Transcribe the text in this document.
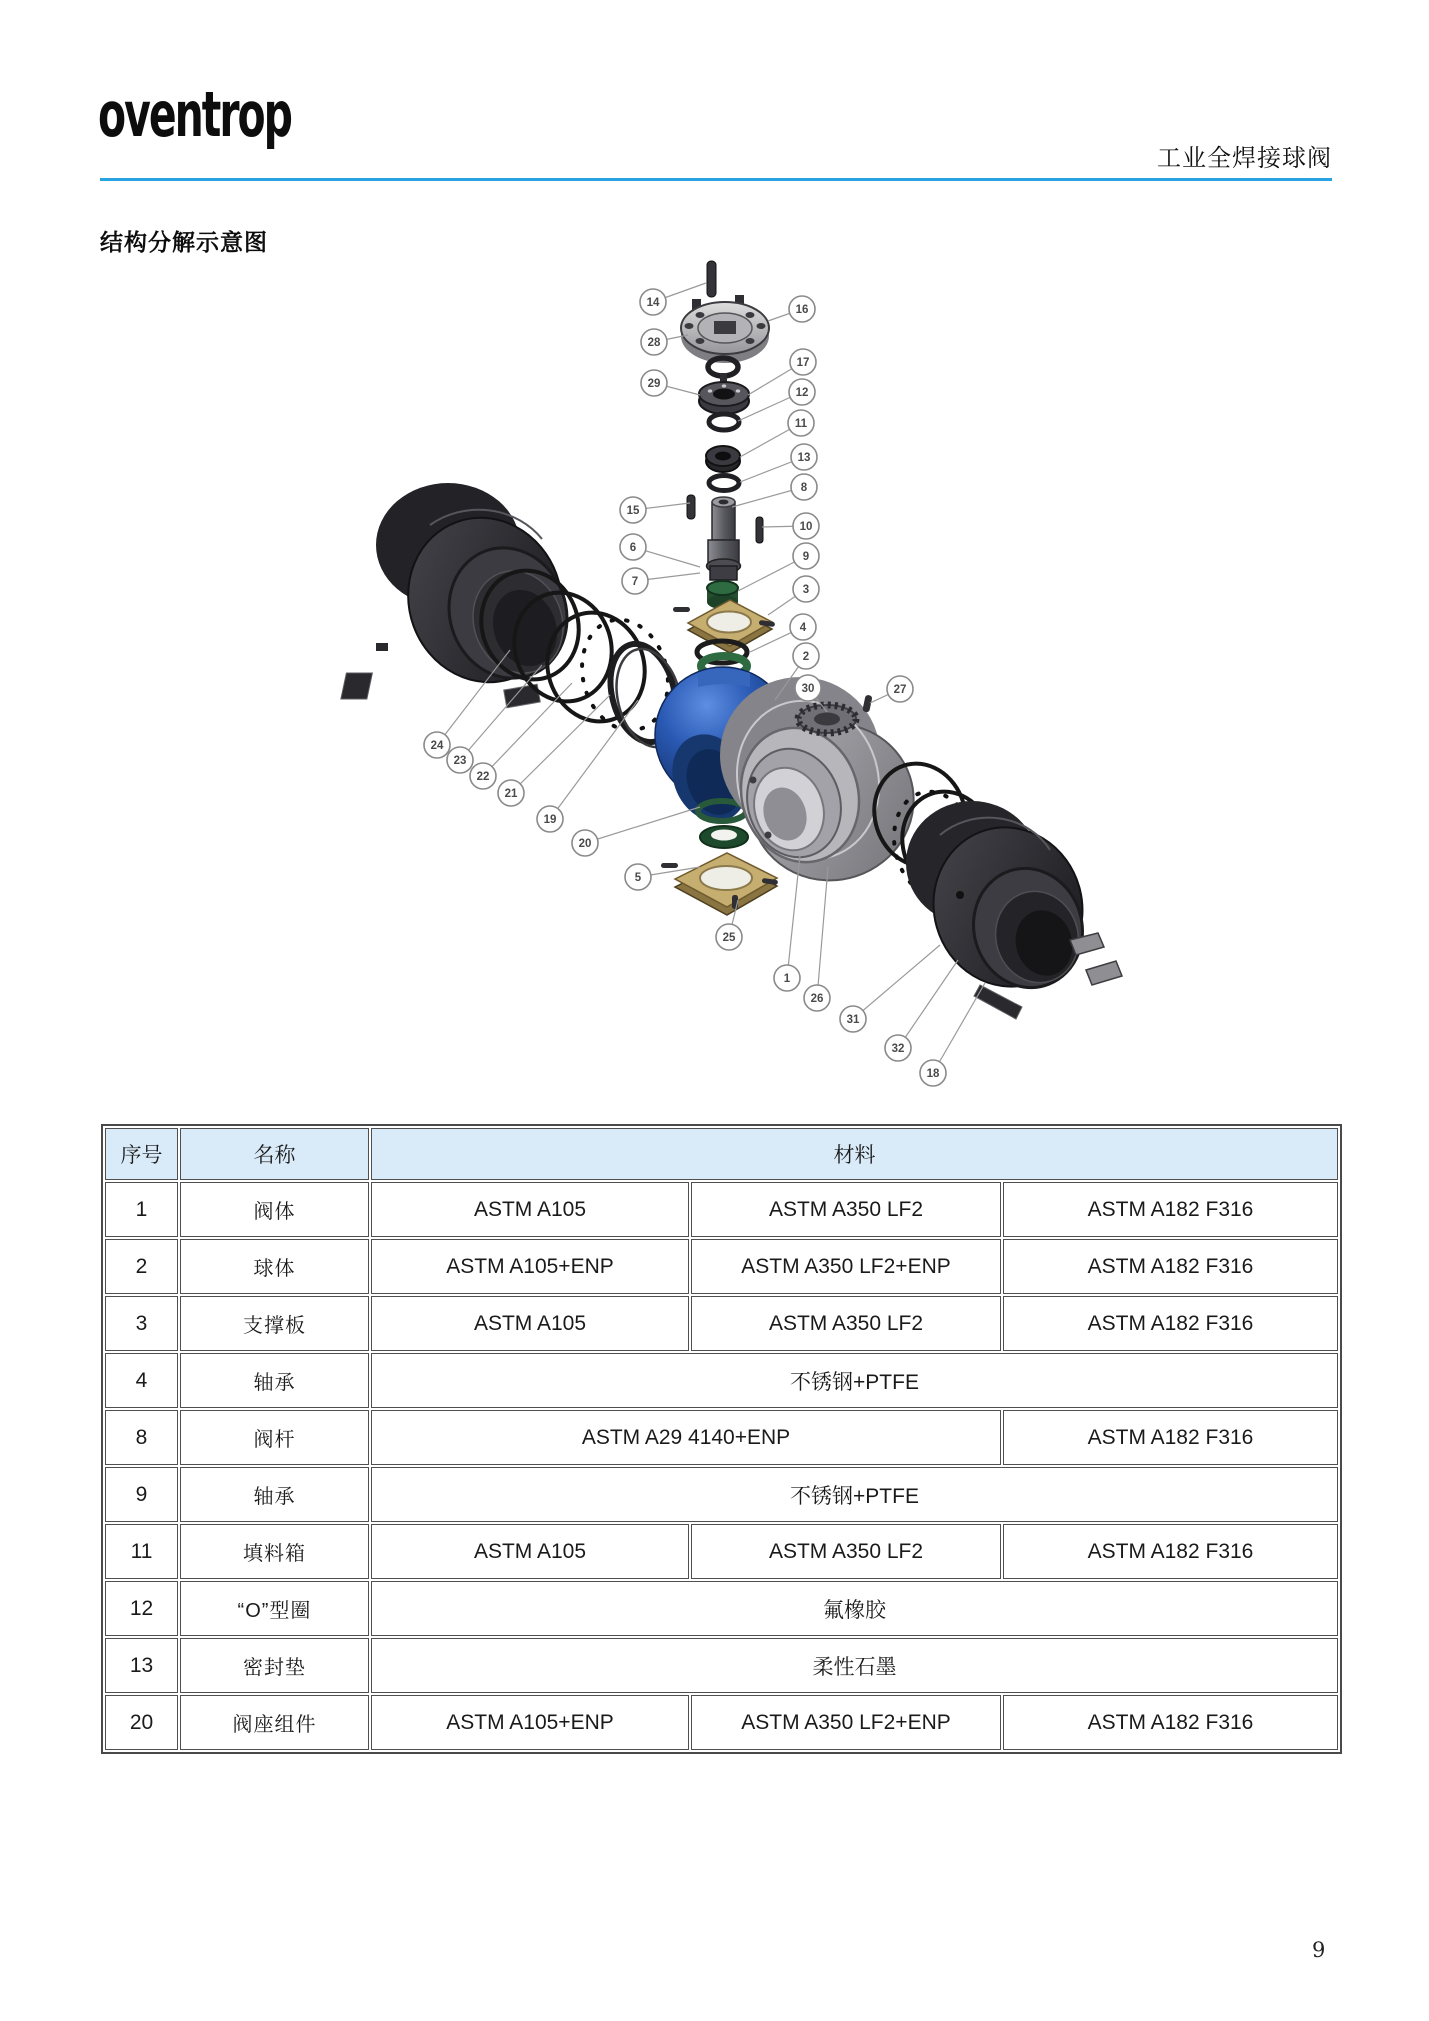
oventrop
工业全焊接球阀
结构分解示意图
14
16
28
29
17
12
11
13
8
15
10
6
7
9
3
4
2
30	27
24
23
22
21
19
20
5
25
1
26
31
32
18
序号	名称	材料		
1	阀体	ASTM A105	ASTM A350 LF2	ASTM A182 F316
2	球体	ASTM A105+ENP	ASTM A350 LF2+ENP	ASTM A182 F316
3	支撑板	ASTM A105	ASTM A350 LF2	ASTM A182 F316
4	轴承	不锈钢+PTFE		
8	阀杆	ASTM A29 4140+ENP		ASTM A182 F316
9	轴承	不锈钢+PTFE		
11	填料箱	ASTM A105	ASTM A350 LF2	ASTM A182 F316
12	“O”型圈	氟橡胶		
13	密封垫	柔性石墨		
20	阀座组件	ASTM A105+ENP	ASTM A350 LF2+ENP	ASTM A182 F316
9
